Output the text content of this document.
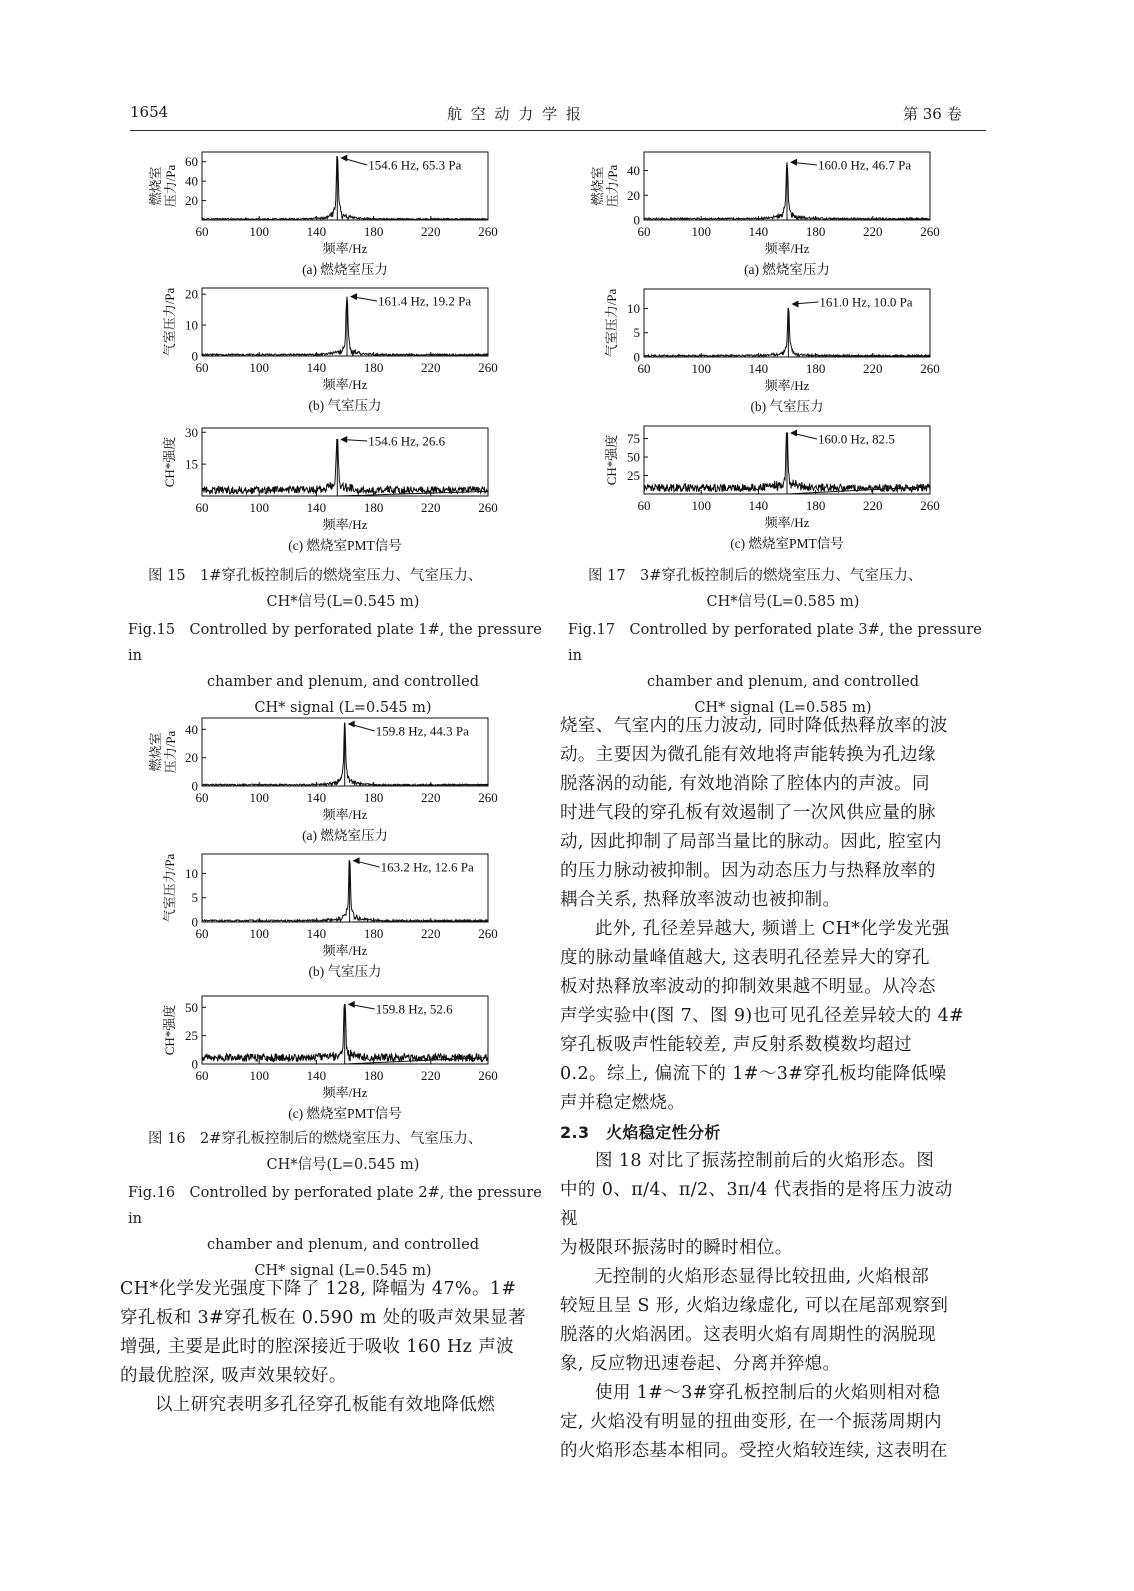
1654	航 空 动 力 学 报	第 36 卷
60	100	140	180	220	260
20
40
60
燃烧室 压力/Pa
频率/Hz
(a) 燃烧室压力
154.6 Hz, 65.3 Pa
60	100	140	180	220	260
0
10
20
气室压力/Pa
频率/Hz
(b) 气室压力
161.4 Hz, 19.2 Pa
60	100	140	180	220	260
15
30
CH*强度
频率/Hz
(c) 燃烧室PMT信号
154.6 Hz, 26.6
60	100	140	180	220	260
0
20
40
燃烧室 压力/Pa
频率/Hz
(a) 燃烧室压力
159.8 Hz, 44.3 Pa
60	100	140	180	220	260
0
5
10
气室压力/Pa
频率/Hz
(b) 气室压力
163.2 Hz, 12.6 Pa
60	100	140	180	220	260
0
25
50
CH*强度
频率/Hz
(c) 燃烧室PMT信号
159.8 Hz, 52.6
60	100	140	180	220	260
0
20
40
燃烧室 压力/Pa
频率/Hz
(a) 燃烧室压力
160.0 Hz, 46.7 Pa
60	100	140	180	220	260
0
5
10
气室压力/Pa
频率/Hz
(b) 气室压力
161.0 Hz, 10.0 Pa
60	100	140	180	220	260
25
50
75
CH*强度
频率/Hz
(c) 燃烧室PMT信号
160.0 Hz, 82.5

图 15　1#穿孔板控制后的燃烧室压力、气室压力、

CH*信号(L=0.545 m)

Fig.15　Controlled by perforated plate 1#, the pressure in

chamber and plenum, and controlled

CH* signal (L=0.545 m)

图 17　3#穿孔板控制后的燃烧室压力、气室压力、

CH*信号(L=0.585 m)

Fig.17　Controlled by perforated plate 3#, the pressure in

chamber and plenum, and controlled

CH* signal (L=0.585 m)

图 16　2#穿孔板控制后的燃烧室压力、气室压力、

CH*信号(L=0.545 m)

Fig.16　Controlled by perforated plate 2#, the pressure in

chamber and plenum, and controlled

CH* signal (L=0.545 m)

CH*化学发光强度下降了 128, 降幅为 47%。1#

穿孔板和 3#穿孔板在 0.590 m 处的吸声效果显著

增强, 主要是此时的腔深接近于吸收 160 Hz 声波

的最优腔深, 吸声效果较好。

以上研究表明多孔径穿孔板能有效地降低燃

烧室、气室内的压力波动, 同时降低热释放率的波

动。主要因为微孔能有效地将声能转换为孔边缘

脱落涡的动能, 有效地消除了腔体内的声波。同

时进气段的穿孔板有效遏制了一次风供应量的脉

动, 因此抑制了局部当量比的脉动。因此, 腔室内

的压力脉动被抑制。因为动态压力与热释放率的

耦合关系, 热释放率波动也被抑制。

此外, 孔径差异越大, 频谱上 CH*化学发光强

度的脉动量峰值越大, 这表明孔径差异大的穿孔

板对热释放率波动的抑制效果越不明显。从冷态

声学实验中(图 7、图 9)也可见孔径差异较大的 4#

穿孔板吸声性能较差, 声反射系数模数均超过

0.2。综上, 偏流下的 1#～3#穿孔板均能降低噪

声并稳定燃烧。

2.3　火焰稳定性分析

图 18 对比了振荡控制前后的火焰形态。图

中的 0、π/4、π/2、3π/4 代表指的是将压力波动视

为极限环振荡时的瞬时相位。

无控制的火焰形态显得比较扭曲, 火焰根部

较短且呈 S 形, 火焰边缘虚化, 可以在尾部观察到

脱落的火焰涡团。这表明火焰有周期性的涡脱现

象, 反应物迅速卷起、分离并猝熄。

使用 1#～3#穿孔板控制后的火焰则相对稳

定, 火焰没有明显的扭曲变形, 在一个振荡周期内

的火焰形态基本相同。受控火焰较连续, 这表明在
